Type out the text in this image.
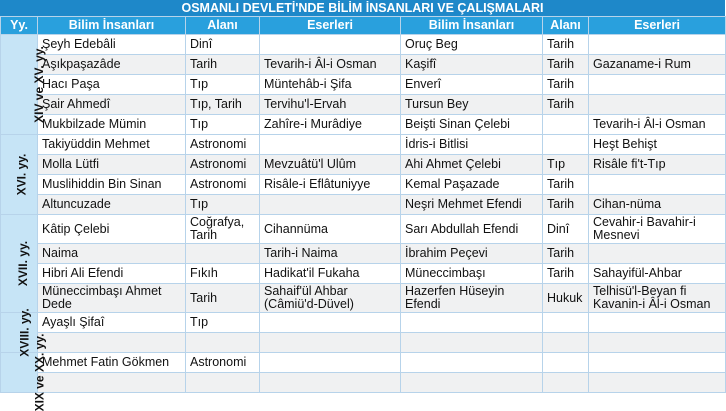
OSMANLI DEVLETİ'NDE BİLİM İNSANLARI VE ÇALIŞMALARI
Yy.	Bilim İnsanları	Alanı	Eserleri	Bilim İnsanları	Alanı	Eserleri
XIV ve XV. yy.	Şeyh Edebâli	Dinî		Oruç Beg	Tarih	
	Aşıkpaşazâde	Tarih	Tevarih-i Âl-i Osman	Kaşifî	Tarih	Gazaname-i Rum
	Hacı Paşa	Tıp	Müntehâb-i Şifa	Enverî	Tarih	
	Şair Ahmedî	Tıp, Tarih	Tervihu'l-Ervah	Tursun Bey	Tarih	
	Mukbilzade Mümin	Tıp	Zahîre-i Murâdiye	Beişti Sinan Çelebi		Tevarih-i Âl-i Osman
XVI. yy.	Takiyüddin Mehmet	Astronomi		İdris-i Bitlisi		Heşt Behişt
	Molla Lütfi	Astronomi	Mevzuâtü'l Ulûm	Ahi Ahmet Çelebi	Tıp	Risâle fi't-Tıp
	Muslihiddin Bin Sinan	Astronomi	Risâle-i Eflâtuniyye	Kemal Paşazade	Tarih	
	Altuncuzade	Tıp		Neşri Mehmet Efendi	Tarih	Cihan-nüma
XVII. yy.	Kâtip Çelebi	Coğrafya, Tarih	Cihannüma	Sarı Abdullah Efendi	Dinî	Cevahir-i Bavahir-i Mesnevi
	Naima		Tarih-i Naima	İbrahim Peçevi	Tarih	
	Hibri Ali Efendi	Fıkıh	Hadikat'il Fukaha	Müneccimbaşı	Tarih	Sahayifül-Ahbar
	Müneccimbaşı Ahmet Dede	Tarih	Sahaif'ül Ahbar (Câmiü'd-Düvel)	Hazerfen Hüseyin Efendi	Hukuk	Telhisü'l-Beyan fi Kavanin-i Âl-i Osman
XVIII. yy.	Ayaşlı Şifaî	Tıp				

XIX ve XX. yy.	Mehmet Fatin Gökmen	Astronomi				
